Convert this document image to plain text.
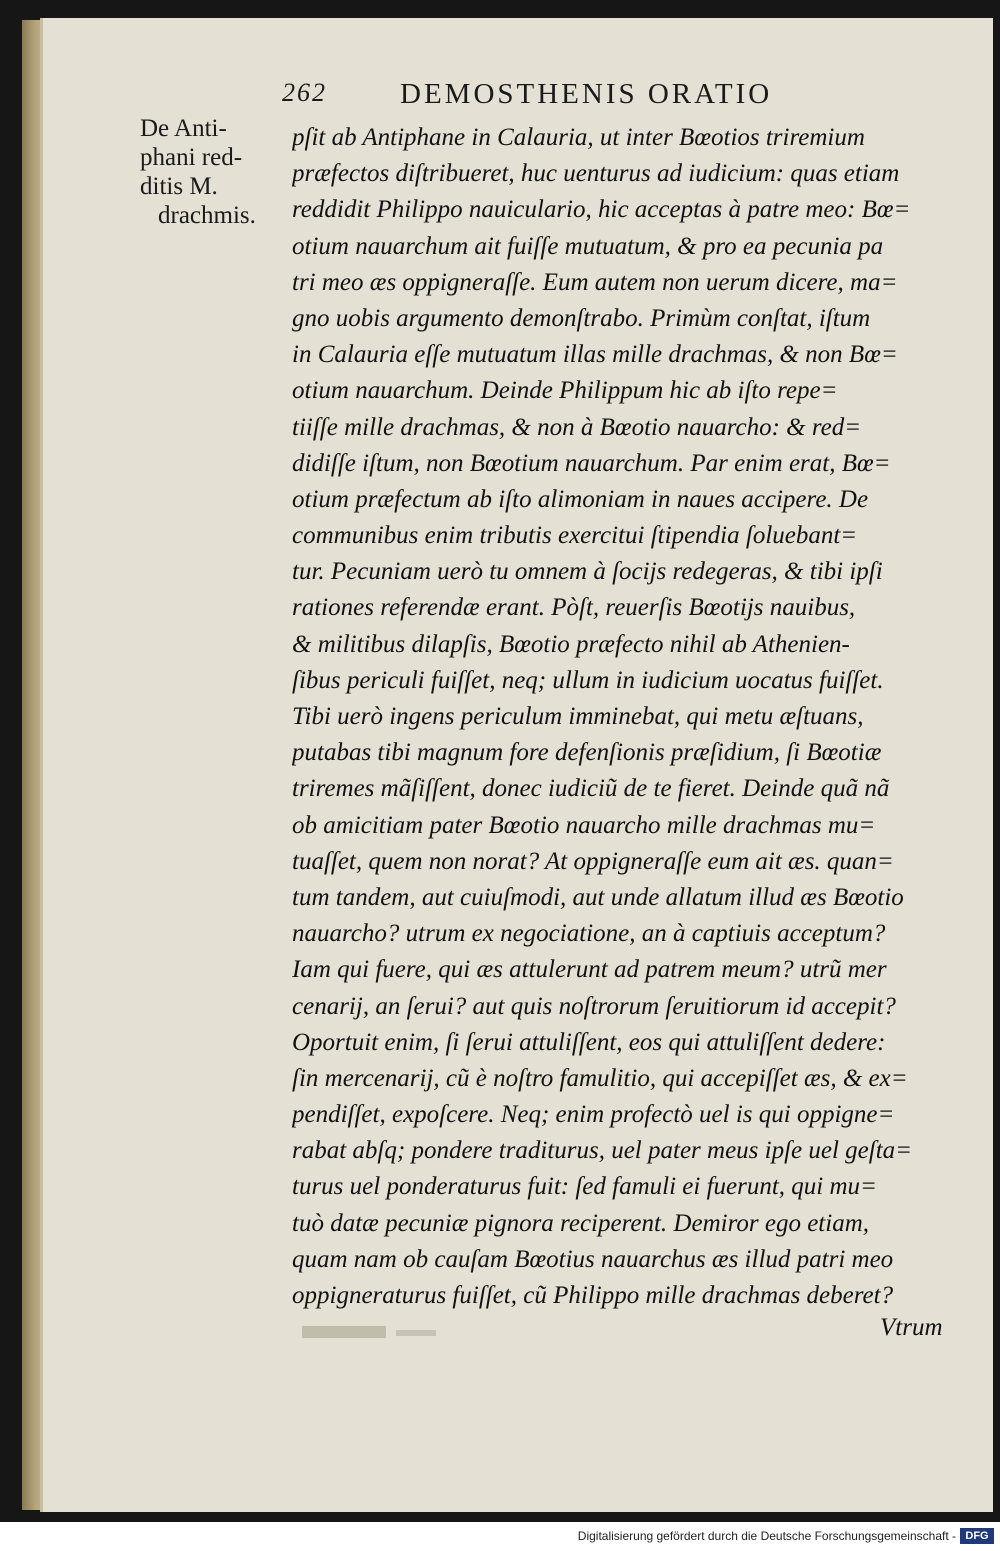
262	DEMOSTHENIS ORATIO
De Anti-
phani red-
ditis M.
drachmis.
pſit ab Antiphane in Calauria, ut inter Bœotios triremium
præfectos diſtribueret, huc uenturus ad iudicium: quas etiam
reddidit Philippo nauiculario, hic acceptas à patre meo: Bœ=
otium nauarchum ait fuiſſe mutuatum, & pro ea pecunia pa
tri meo æs oppigneraſſe. Eum autem non uerum dicere, ma=
gno uobis argumento demonſtrabo. Primùm conſtat, iſtum
in Calauria eſſe mutuatum illas mille drachmas, & non Bœ=
otium nauarchum. Deinde Philippum hic ab iſto repe=
tiiſſe mille drachmas, & non à Bœotio nauarcho: & red=
didiſſe iſtum, non Bœotium nauarchum. Par enim erat, Bœ=
otium præfectum ab iſto alimoniam in naues accipere. De
communibus enim tributis exercitui ſtipendia ſoluebant=
tur. Pecuniam uerò tu omnem à ſocijs redegeras, & tibi ipſi
rationes referendæ erant. Pòſt, reuerſis Bœotijs nauibus,
& militibus dilapſis, Bœotio præfecto nihil ab Athenien-
ſibus periculi fuiſſet, neq; ullum in iudicium uocatus fuiſſet.
Tibi uerò ingens periculum imminebat, qui metu æſtuans,
putabas tibi magnum fore defenſionis præſidium, ſi Bœotiæ
triremes mãſiſſent, donec iudiciũ de te fieret. Deinde quã nã
ob amicitiam pater Bœotio nauarcho mille drachmas mu=
tuaſſet, quem non norat? At oppigneraſſe eum ait æs. quan=
tum tandem, aut cuiuſmodi, aut unde allatum illud æs Bœotio
nauarcho? utrum ex negociatione, an à captiuis acceptum?
Iam qui fuere, qui æs attulerunt ad patrem meum? utrũ mer
cenarij, an ſerui? aut quis noſtrorum ſeruitiorum id accepit?
Oportuit enim, ſi ſerui attuliſſent, eos qui attuliſſent dedere:
ſin mercenarij, cũ è noſtro famulitio, qui accepiſſet æs, & ex=
pendiſſet, expoſcere. Neq; enim profectò uel is qui oppigne=
rabat abſq; pondere traditurus, uel pater meus ipſe uel geſta=
turus uel ponderaturus fuit: ſed famuli ei fuerunt, qui mu=
tuò datæ pecuniæ pignora reciperent. Demiror ego etiam,
quam nam ob cauſam Bœotius nauarchus æs illud patri meo
oppigneraturus fuiſſet, cũ Philippo mille drachmas deberet?
Vtrum
Digitalisierung gefördert durch die Deutsche Forschungsgemeinschaft - DFG
